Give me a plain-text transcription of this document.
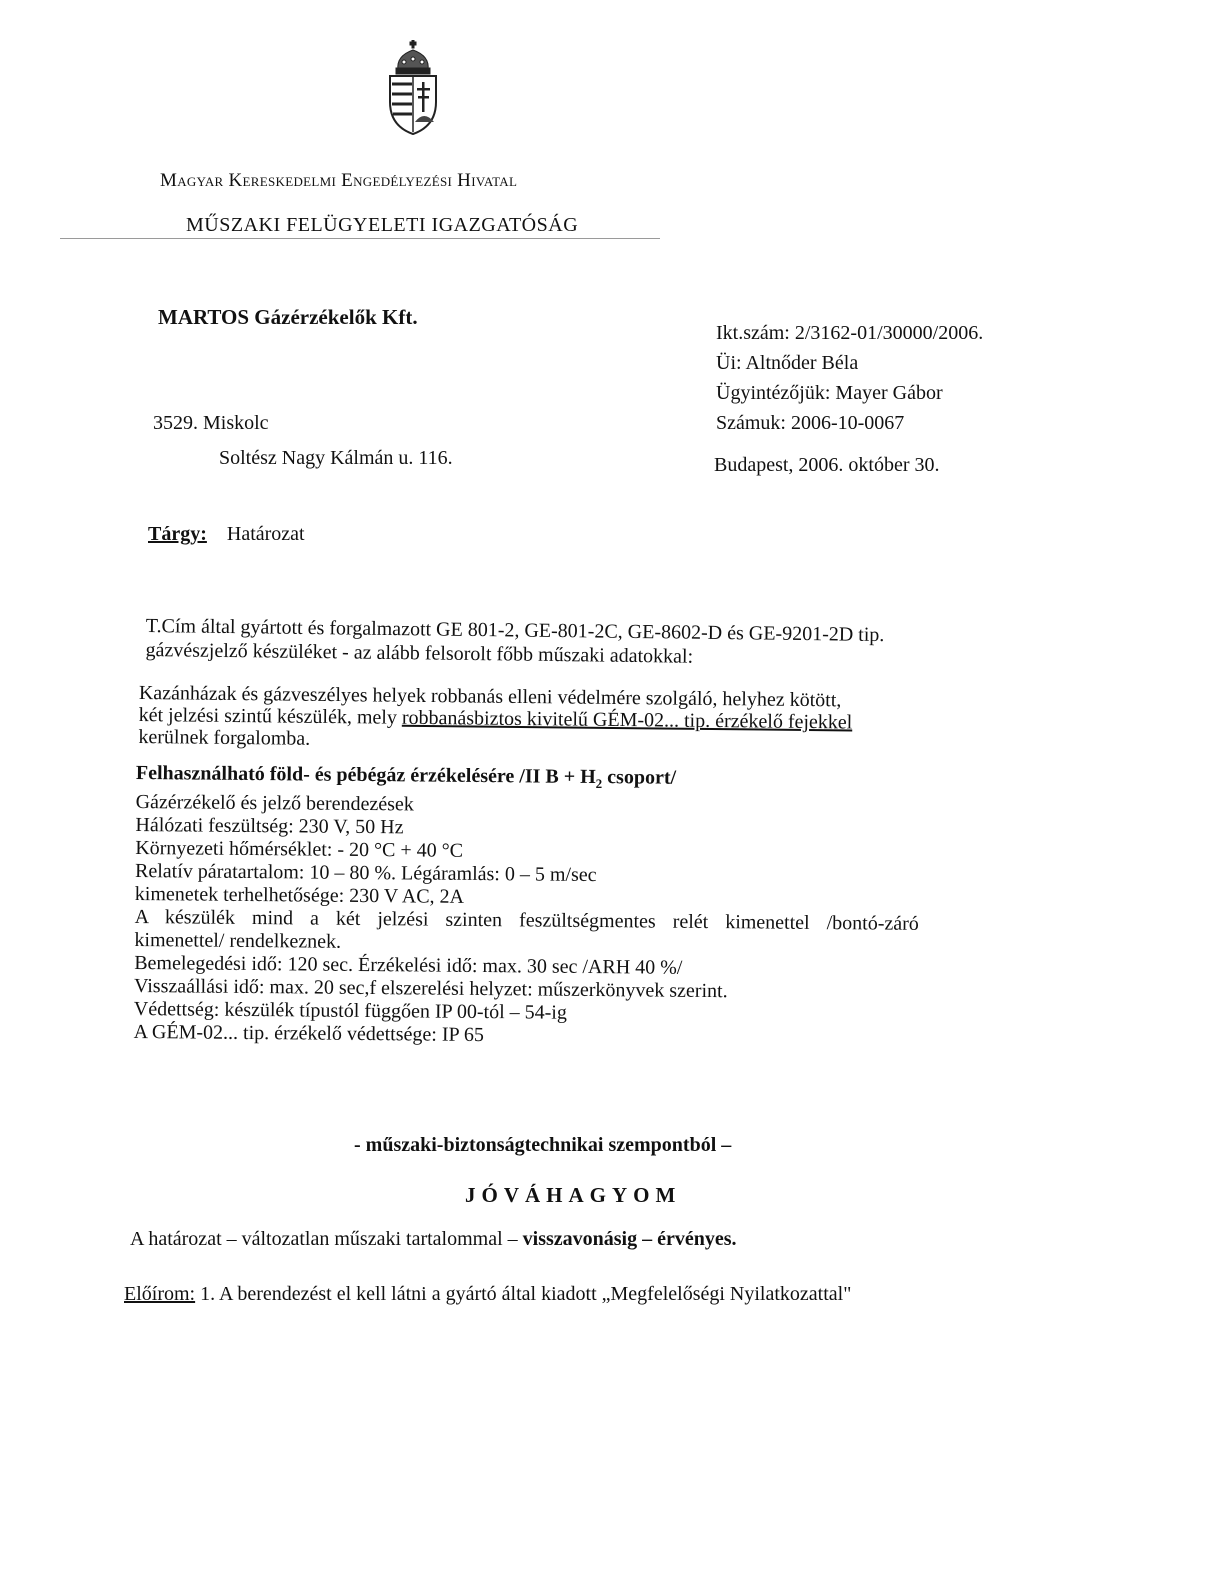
Magyar Kereskedelmi Engedélyezési Hivatal
MŰSZAKI FELÜGYELETI IGAZGATÓSÁG
MARTOS Gázérzékelők Kft.
3529. Miskolc
Soltész Nagy Kálmán u. 116.
Ikt.szám: 2/3162-01/30000/2006.
Üi: Altnőder Béla
Ügyintézőjük: Mayer Gábor
Számuk: 2006-10-0067
Budapest, 2006. október 30.
Tárgy: Határozat
T.Cím által gyártott és forgalmazott GE 801-2, GE-801-2C, GE-8602-D és GE-9201-2D tip.
gázvészjelző készüléket - az alább felsorolt főbb műszaki adatokkal:
Kazánházak és gázveszélyes helyek robbanás elleni védelmére szolgáló, helyhez kötött,
két jelzési szintű készülék, mely robbanásbiztos kivitelű GÉM-02... tip. érzékelő fejekkel
kerülnek forgalomba.
Felhasználható föld- és pébégáz érzékelésére /II $B + H_2$ csoport/
Gázérzékelő és jelző berendezések
Hálózati feszültség: 230 V, 50 Hz
Környezeti hőmérséklet: - 20 °C + 40 °C
Relatív páratartalom: 10 – 80 %. Légáramlás: 0 – 5 m/sec
kimenetek terhelhetősége: 230 V AC, 2A
A készülék mind a két jelzési szinten feszültségmentes relét kimenettel /bontó-záró
kimenettel/ rendelkeznek.
Bemelegedési idő: 120 sec. Érzékelési idő: max. 30 sec /ARH 40 %/
Visszaállási idő: max. 20 sec,f elszerelési helyzet: műszerkönyvek szerint.
Védettség: készülék típustól függően IP 00-tól – 54-ig
A GÉM-02... tip. érzékelő védettsége: IP 65
- műszaki-biztonságtechnikai szempontból –
JÓVÁHAGYOM
A határozat – változatlan műszaki tartalommal – visszavonásig – érvényes.
Előírom: 1. A berendezést el kell látni a gyártó által kiadott „Megfelelőségi Nyilatkozattal"
